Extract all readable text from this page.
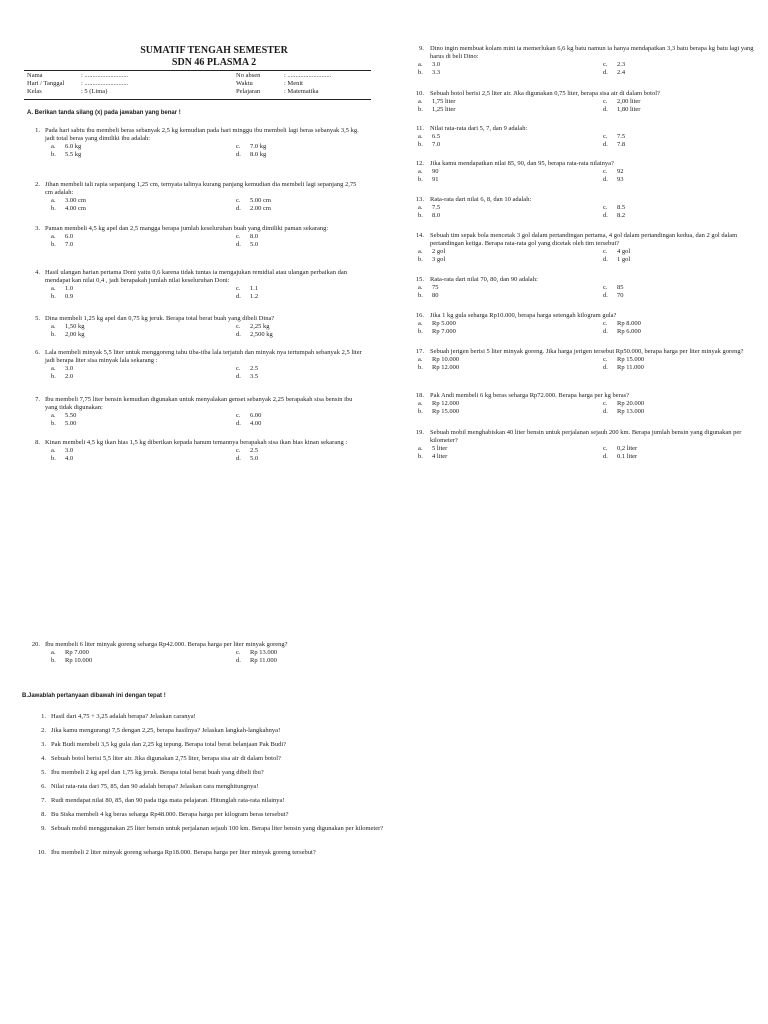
SUMATIF TENGAH SEMESTER
SDN 46 PLASMA 2
Nama	: ...........................
Hari / Tanggal	: ...........................
Kelas	: 5 (Lima)
No absen	: ...........................
Waktu	: Menit
Pelajaran	: Matematika
A. Berikan tanda silang (x) pada jawaban yang benar !
1. Pada hari sabtu ibu membeli beras sebanyak 2,5 kg kemudian pada hari minggu ibu membeli lagi beras sebanyak 3,5 kg. jadi total beras yang dimiliki ibu adalah:
a.	6.0 kg	c.	7.0 kg
b.	5.5 kg	d.	8.0 kg
2. Jihan membeli tali rapia sepanjang 1,25 cm, ternyata talinya kurang panjang kemudian dia membeli lagi sepanjang 2,75 cm adalah:
a.	3.00 cm	c.	5.00 cm
b.	4.00 cm	d.	2.00 cm
3. Paman membeli 4,5 kg apel dan 2,5 mangga berapa jumlah keseluruhan buah yang dimiliki paman sekarang:
a.	6.0	c.	8.0
b.	7.0	d.	5.0
4. Hasil ulangan harian pertama Doni yaitu 0,6 karena tidak tuntas ia mengajukan remidial atau ulangan perbaikan dan mendapat kan nilai 0,4 , jadi berapakah jumlah nilai keseluruhan Doni:
a.	1.0	c.	1.1
b.	0.9	d.	1.2
5. Dina membeli 1,25 kg apel dan 0,75 kg jeruk. Berapa total berat buah yang dibeli Dina?
a.	1,50 kg	c.	2,25 kg
b.	2,00 kg	d.	2,500 kg
6. Lala membeli minyak 5,5 liter untuk menggoreng tahu tiba-tiba lala terjatuh dan minyak nya tertumpah sebanyak 2,5 liter jadi berapa liter sisa minyak lala sekarang :
a.	3.0	c.	2.5
b.	2.0	d.	3.5
7. Ibu membeli 7,75 liter bensin kemudian digunakan untuk menyalakan genset sebanyak 2,25 berapakah sisa bensin ibu yang tidak digunakan:
a.	5.50	c.	6.00
b.	5.00	d.	4.00
8. Kinan membeli 4,5 kg ikan hias 1,5 kg diberikan kepada hanum temannya berapakah sisa ikan hias kinan sekarang :
a.	3.0	c.	2.5
b.	4.0	d.	5.0
9. Dino ingin membuat kolam mini ia memerlukan 6,6 kg batu namun ia hanya mendapatkan 3,3 batu berapa kg batu lagi yang harus di beli Dino:
a.	3.0	c.	2.3
b.	3.3	d.	2.4
10. Sebuah botol berisi 2,5 liter air. Jika digunakan 0,75 liter, berapa sisa air di dalam botol?
a.	1,75 liter	c.	2,00 liter
b.	1,25 liter	d.	1,80 liter
11. Nilai rata-rata dari 5, 7, dan 9 adalah:
a.	6.5	c.	7.5
b.	7.0	d.	7.8
12. Jika kamu mendapatkan nilai 85, 90, dan 95, berapa rata-rata nilainya?
a.	90	c.	92
b.	91	d.	93
13. Rata-rata dari nilai 6, 8, dan 10 adalah:
a.	7.5	c.	8.5
b.	8.0	d.	8.2
14. Sebuah tim sepak bola mencetak 3 gol dalam pertandingan pertama, 4 gol dalam pertandingan kedua, dan 2 gol dalam pertandingan ketiga. Berapa rata-rata gol yang dicetak oleh tim tersebut?
a.	2 gol	c.	4 gol
b.	3 gol	d.	1 gol
15. Rata-rata dari nilai 70, 80, dan 90 adalah:
a.	75	c.	85
b.	80	d.	70
16. Jika 1 kg gula seharga Rp10.000, berapa harga setengah kilogram gula?
a.	Rp 5.000	c.	Rp 8.000
b.	Rp 7.000	d.	Rp 6.000
17. Sebuah jerigen berisi 5 liter minyak goreng. Jika harga jerigen tersebut Rp50.000, berapa harga per liter minyak goreng?
a.	Rp 10.000	c.	Rp 15.000
b.	Rp 12.000	d.	Rp 11.000
18. Pak Andi membeli 6 kg beras seharga Rp72.000. Berapa harga per kg beras?
a.	Rp 12.000	c.	Rp 20.000
b.	Rp 15.000	d.	Rp 13.000
19. Sebuah mobil menghabiskan 40 liter bensin untuk perjalanan sejauh 200 km. Berapa jumlah bensin yang digunakan per kilometer?
a.	5 liter	c.	0,2 liter
b.	4 liter	d.	0.1 liter
20. Ibu membeli 6 liter minyak goreng seharga Rp42.000. Berapa harga per liter minyak goreng?
a.	Rp 7.000	c.	Rp 13.000
b.	Rp 10.000	d.	Rp 11.000
B.Jawablah pertanyaan dibawah ini dengan tepat !
1. Hasil dari 4,75 + 3,25 adalah berapa? Jelaskan caranya!
2. Jika kamu mengurangi 7,5 dengan 2,25, berapa hasilnya? Jelaskan langkah-langkahnya!
3. Pak Budi membeli 3,5 kg gula dan 2,25 kg tepung. Berapa total berat belanjaan Pak Budi?
4. Sebuah botol berisi 5,5 liter air. Jika digunakan 2,75 liter, berapa sisa air di dalam botol?
5. Ibu membeli 2 kg apel dan 1,75 kg jeruk. Berapa total berat buah yang dibeli ibu?
6. Nilai rata-rata dari 75, 85, dan 90 adalah berapa? Jelaskan cara menghitungnya!
7. Rudi mendapat nilai 80, 85, dan 90 pada tiga mata pelajaran. Hitunglah rata-rata nilainya!
8. Bu Siska membeli 4 kg beras seharga Rp48.000. Berapa harga per kilogram beras tersebut?
9. Sebuah mobil menggunakan 25 liter bensin untuk perjalanan sejauh 100 km. Berapa liter bensin yang digunakan per kilometer?
10. Ibu membeli 2 liter minyak goreng seharga Rp18.000. Berapa harga per liter minyak goreng tersebut?
